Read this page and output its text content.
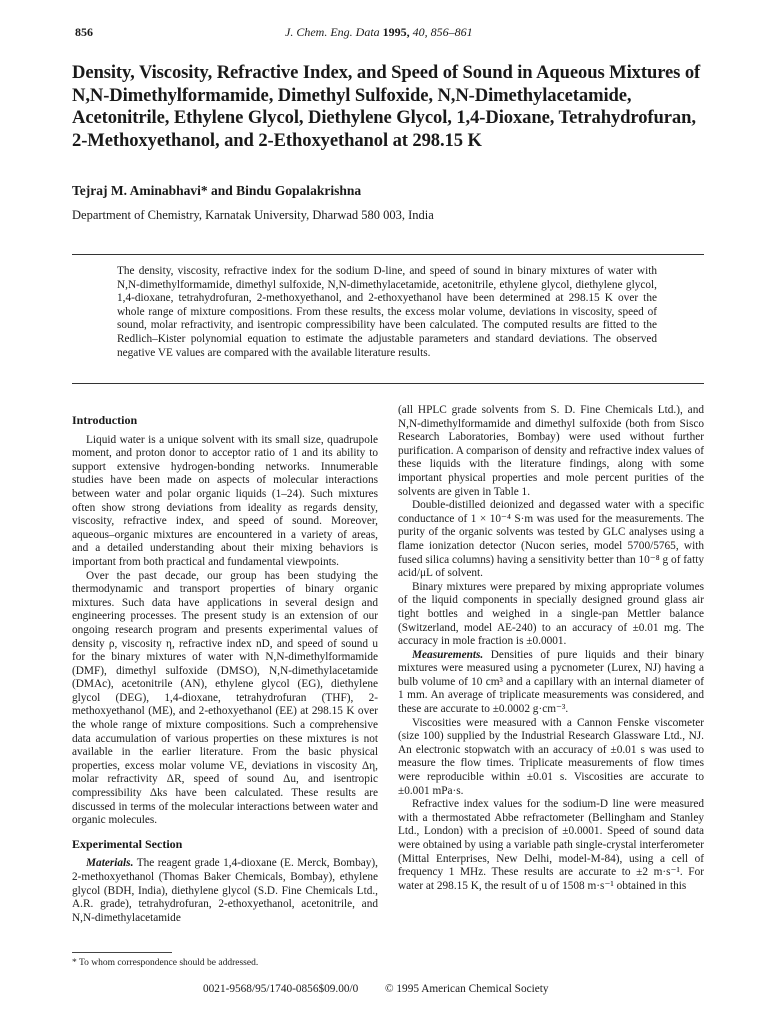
856	J. Chem. Eng. Data 1995, 40, 856–861
Density, Viscosity, Refractive Index, and Speed of Sound in Aqueous Mixtures of N,N-Dimethylformamide, Dimethyl Sulfoxide, N,N-Dimethylacetamide, Acetonitrile, Ethylene Glycol, Diethylene Glycol, 1,4-Dioxane, Tetrahydrofuran, 2-Methoxyethanol, and 2-Ethoxyethanol at 298.15 K
Tejraj M. Aminabhavi* and Bindu Gopalakrishna
Department of Chemistry, Karnatak University, Dharwad 580 003, India
The density, viscosity, refractive index for the sodium D-line, and speed of sound in binary mixtures of water with N,N-dimethylformamide, dimethyl sulfoxide, N,N-dimethylacetamide, acetonitrile, ethylene glycol, diethylene glycol, 1,4-dioxane, tetrahydrofuran, 2-methoxyethanol, and 2-ethoxyethanol have been determined at 298.15 K over the whole range of mixture compositions. From these results, the excess molar volume, deviations in viscosity, speed of sound, molar refractivity, and isentropic compressibility have been calculated. The computed results are fitted to the Redlich–Kister polynomial equation to estimate the adjustable parameters and standard deviations. The observed negative VE values are compared with the available literature results.
Introduction

Liquid water is a unique solvent with its small size, quadrupole moment, and proton donor to acceptor ratio of 1 and its ability to support extensive hydrogen-bonding networks. Innumerable studies have been made on aspects of molecular interactions between water and polar organic liquids (1–24). Such mixtures often show strong deviations from ideality as regards density, viscosity, refractive index, and speed of sound. Moreover, aqueous–organic mixtures are encountered in a variety of areas, and a detailed understanding about their mixing behaviors is important from both practical and fundamental viewpoints.

Over the past decade, our group has been studying the thermodynamic and transport properties of binary organic mixtures. Such data have applications in several design and engineering processes. The present study is an extension of our ongoing research program and presents experimental values of density ρ, viscosity η, refractive index nD, and speed of sound u for the binary mixtures of water with N,N-dimethylformamide (DMF), dimethyl sulfoxide (DMSO), N,N-dimethylacetamide (DMAc), acetonitrile (AN), ethylene glycol (EG), diethylene glycol (DEG), 1,4-dioxane, tetrahydrofuran (THF), 2-methoxyethanol (ME), and 2-ethoxyethanol (EE) at 298.15 K over the whole range of mixture compositions. Such a comprehensive data accumulation of various properties on these mixtures is not available in the earlier literature. From the basic physical properties, excess molar volume VE, deviations in viscosity Δη, molar refractivity ΔR, speed of sound Δu, and isentropic compressibility Δks have been calculated. These results are discussed in terms of the molecular interactions between water and organic molecules.

Experimental Section

Materials. The reagent grade 1,4-dioxane (E. Merck, Bombay), 2-methoxyethanol (Thomas Baker Chemicals, Bombay), ethylene glycol (BDH, India), diethylene glycol (S.D. Fine Chemicals Ltd., A.R. grade), tetrahydrofuran, 2-ethoxyethanol, acetonitrile, and N,N-dimethylacetamide

(all HPLC grade solvents from S. D. Fine Chemicals Ltd.), and N,N-dimethylformamide and dimethyl sulfoxide (both from Sisco Research Laboratories, Bombay) were used without further purification. A comparison of density and refractive index values of these liquids with the literature findings, along with some important physical properties and mole percent purities of the solvents are given in Table 1.

Double-distilled deionized and degassed water with a specific conductance of 1 × 10⁻⁴ S·m was used for the measurements. The purity of the organic solvents was tested by GLC analyses using a flame ionization detector (Nucon series, model 5700/5765, with fused silica columns) having a sensitivity better than 10⁻⁸ g of fatty acid/μL of solvent.

Binary mixtures were prepared by mixing appropriate volumes of the liquid components in specially designed ground glass air tight bottles and weighed in a single-pan Mettler balance (Switzerland, model AE-240) to an accuracy of ±0.01 mg. The accuracy in mole fraction is ±0.0001.

Measurements. Densities of pure liquids and their binary mixtures were measured using a pycnometer (Lurex, NJ) having a bulb volume of 10 cm³ and a capillary with an internal diameter of 1 mm. An average of triplicate measurements was considered, and these are accurate to ±0.0002 g·cm⁻³.

Viscosities were measured with a Cannon Fenske viscometer (size 100) supplied by the Industrial Research Glassware Ltd., NJ. An electronic stopwatch with an accuracy of ±0.01 s was used to measure the flow times. Triplicate measurements of flow times were reproducible within ±0.01 s. Viscosities are accurate to ±0.001 mPa·s.

Refractive index values for the sodium-D line were measured with a thermostated Abbe refractometer (Bellingham and Stanley Ltd., London) with a precision of ±0.0001. Speed of sound data were obtained by using a variable path single-crystal interferometer (Mittal Enterprises, New Delhi, model-M-84), using a cell of frequency 1 MHz. These results are accurate to ±2 m·s⁻¹. For water at 298.15 K, the result of u of 1508 m·s⁻¹ obtained in this

* To whom correspondence should be addressed.
0021-9568/95/1740-0856$09.00/0 © 1995 American Chemical Society
